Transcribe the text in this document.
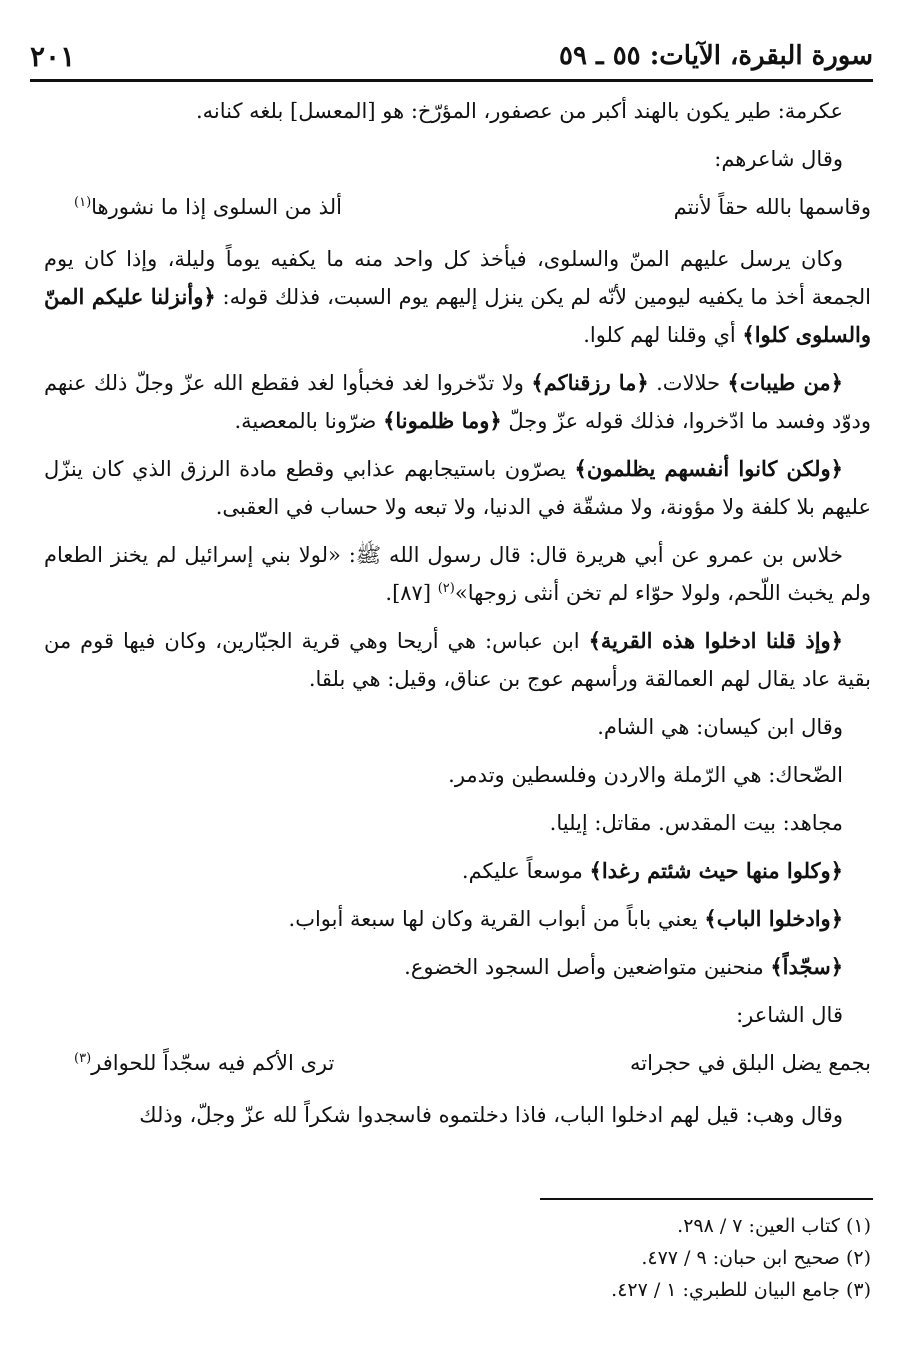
سورة البقرة، الآيات: ٥٥ ـ ٥٩
٢٠١

عكرمة: طير يكون بالهند أكبر من عصفور، المؤرّخ: هو [المعسل] بلغه كنانه.

وقال شاعرهم:

وقاسمها بالله حقاً لأنتم
ألذ من السلوى إذا ما نشورها$^{(١)}$

وكان يرسل عليهم المنّ والسلوى، فيأخذ كل واحد منه ما يكفيه يوماً وليلة، وإذا كان يوم الجمعة أخذ ما يكفيه ليومين لأنّه لم يكن ينزل إليهم يوم السبت، فذلك قوله: ﴿وأنزلنا عليكم المنّ والسلوى كلوا﴾ أي وقلنا لهم كلوا.

﴿من طيبات﴾ حلالات. ﴿ما رزقناكم﴾ ولا تدّخروا لغد فخبأوا لغد فقطع الله عزّ وجلّ ذلك عنهم ودوّد وفسد ما ادّخروا، فذلك قوله عزّ وجلّ ﴿وما ظلمونا﴾ ضرّونا بالمعصية.

﴿ولكن كانوا أنفسهم يظلمون﴾ يصرّون باستيجابهم عذابي وقطع مادة الرزق الذي كان ينزّل عليهم بلا كلفة ولا مؤونة، ولا مشقّة في الدنيا، ولا تبعه ولا حساب في العقبى.

خلاس بن عمرو عن أبي هريرة قال: قال رسول الله ﷺ: «لولا بني إسرائيل لم يخنز الطعام ولم يخبث اللّحم، ولولا حوّاء لم تخن أنثى زوجها»$^{(٢)}$ [٨٧].

﴿وإذ قلنا ادخلوا هذه القرية﴾ ابن عباس: هي أريحا وهي قرية الجبّارين، وكان فيها قوم من بقية عاد يقال لهم العمالقة ورأسهم عوج بن عناق، وقيل: هي بلقا.

وقال ابن كيسان: هي الشام.

الضّحاك: هي الرّملة والاردن وفلسطين وتدمر.

مجاهد: بيت المقدس. مقاتل: إيليا.

﴿وكلوا منها حيث شئتم رغدا﴾ موسعاً عليكم.

﴿وادخلوا الباب﴾ يعني باباً من أبواب القرية وكان لها سبعة أبواب.

﴿سجّداً﴾ منحنين متواضعين وأصل السجود الخضوع.

قال الشاعر:

بجمع يضل البلق في حجراته
ترى الأكم فيه سجّداً للحوافر$^{(٣)}$

وقال وهب: قيل لهم ادخلوا الباب، فاذا دخلتموه فاسجدوا شكراً لله عزّ وجلّ، وذلك

(١) كتاب العين: ٧ / ٢٩٨.
(٢) صحيح ابن حبان: ٩ / ٤٧٧.
(٣) جامع البيان للطبري: ١ / ٤٢٧.
